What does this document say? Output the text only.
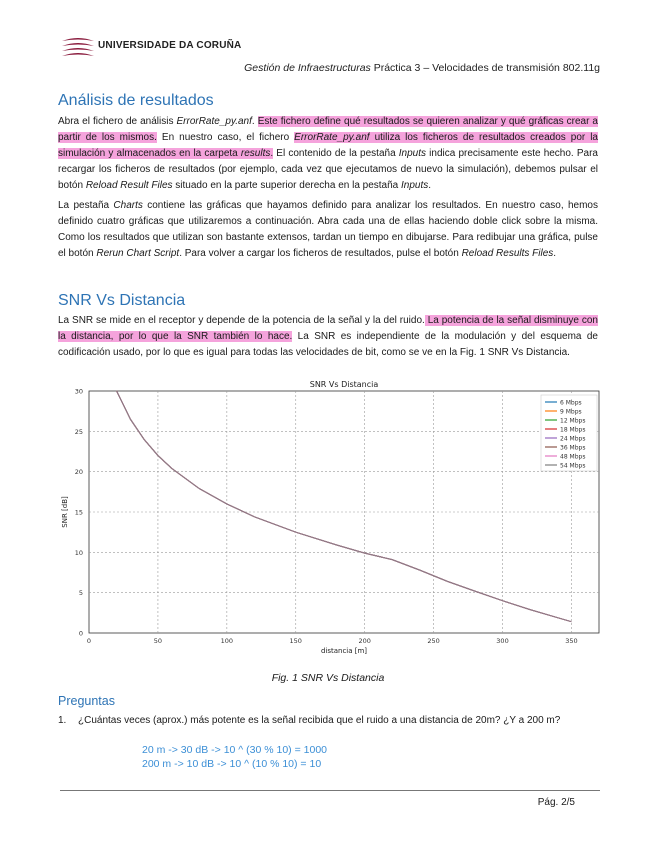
UNIVERSIDADE DA CORUÑA
Gestión de Infraestructuras Práctica 3 – Velocidades de transmisión 802.11g
Análisis de resultados
Abra el fichero de análisis ErrorRate_py.anf. Este fichero define qué resultados se quieren analizar y qué gráficas crear a partir de los mismos. En nuestro caso, el fichero ErrorRate_py.anf utiliza los ficheros de resultados creados por la simulación y almacenados en la carpeta results. El contenido de la pestaña Inputs indica precisamente este hecho. Para recargar los ficheros de resultados (por ejemplo, cada vez que ejecutamos de nuevo la simulación), debemos pulsar el botón Reload Result Files situado en la parte superior derecha en la pestaña Inputs.
La pestaña Charts contiene las gráficas que hayamos definido para analizar los resultados. En nuestro caso, hemos definido cuatro gráficas que utilizaremos a continuación. Abra cada una de ellas haciendo doble click sobre la misma. Como los resultados que utilizan son bastante extensos, tardan un tiempo en dibujarse. Para redibujar una gráfica, pulse el botón Rerun Chart Script. Para volver a cargar los ficheros de resultados, pulse el botón Reload Results Files.
SNR Vs Distancia
La SNR se mide en el receptor y depende de la potencia de la señal y la del ruido. La potencia de la señal disminuye con la distancia, por lo que la SNR también lo hace. La SNR es independiente de la modulación y del esquema de codificación usado, por lo que es igual para todas las velocidades de bit, como se ve en la Fig. 1 SNR Vs Distancia.
0	50	100	150	200	250	300	350
0
5
10
15
20
25
30
SNR Vs Distancia
distancia [m]
SNR [dB]
6 Mbps
9 Mbps
12 Mbps
18 Mbps
24 Mbps
36 Mbps
48 Mbps
54 Mbps
Fig. 1 SNR Vs Distancia
Preguntas
1. ¿Cuántas veces (aprox.) más potente es la señal recibida que el ruido a una distancia de 20m? ¿Y a 200 m?
20 m -> 30 dB -> 10 ^ (30 % 10) = 1000
200 m -> 10 dB -> 10 ^ (10 % 10) = 10
Pág. 2/5
